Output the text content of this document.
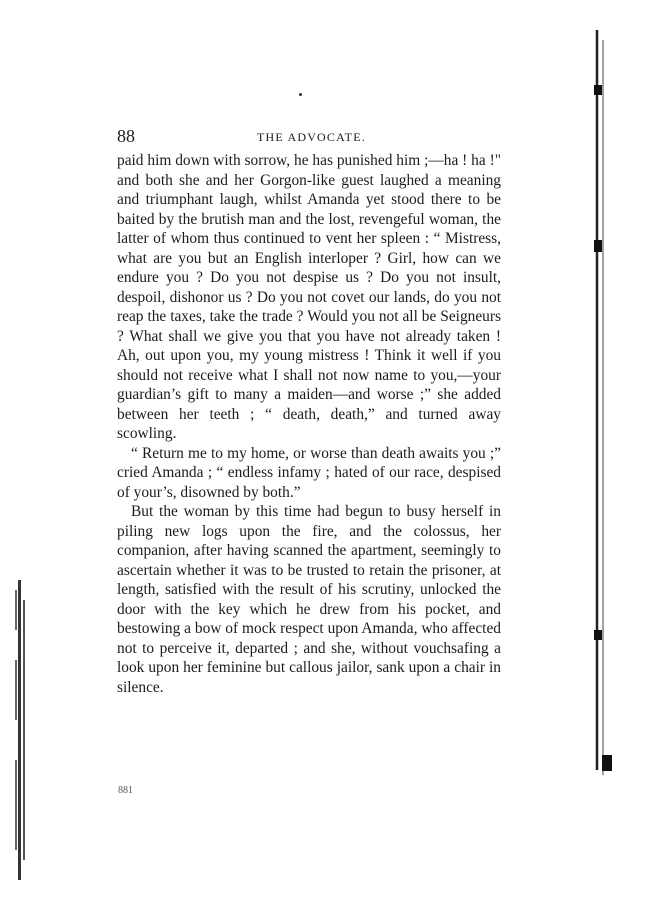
88	THE ADVOCATE.

paid him down with sorrow, he has punished him ;—ha ! ha !" and both she and her Gorgon-like guest laughed a meaning and triumphant laugh, whilst Amanda yet stood there to be baited by the brutish man and the lost, revengeful woman, the latter of whom thus continued to vent her spleen : “ Mistress, what are you but an English interloper ? Girl, how can we endure you ? Do you not despise us ? Do you not insult, despoil, dishonor us ? Do you not covet our lands, do you not reap the taxes, take the trade ? Would you not all be Seigneurs ? What shall we give you that you have not already taken ! Ah, out upon you, my young mistress ! Think it well if you should not receive what I shall not now name to you,—your guardian’s gift to many a maiden—and worse ;” she added between her teeth ; “ death, death,” and turned away scowling.

“ Return me to my home, or worse than death awaits you ;” cried Amanda ; “ endless infamy ; hated of our race, despised of your’s, disowned by both.”

But the woman by this time had begun to busy herself in piling new logs upon the fire, and the colossus, her companion, after having scanned the apartment, seemingly to ascertain whether it was to be trusted to retain the prisoner, at length, satisfied with the result of his scrutiny, unlocked the door with the key which he drew from his pocket, and bestowing a bow of mock respect upon Amanda, who affected not to perceive it, departed ; and she, without vouchsafing a look upon her feminine but callous jailor, sank upon a chair in silence.

881
